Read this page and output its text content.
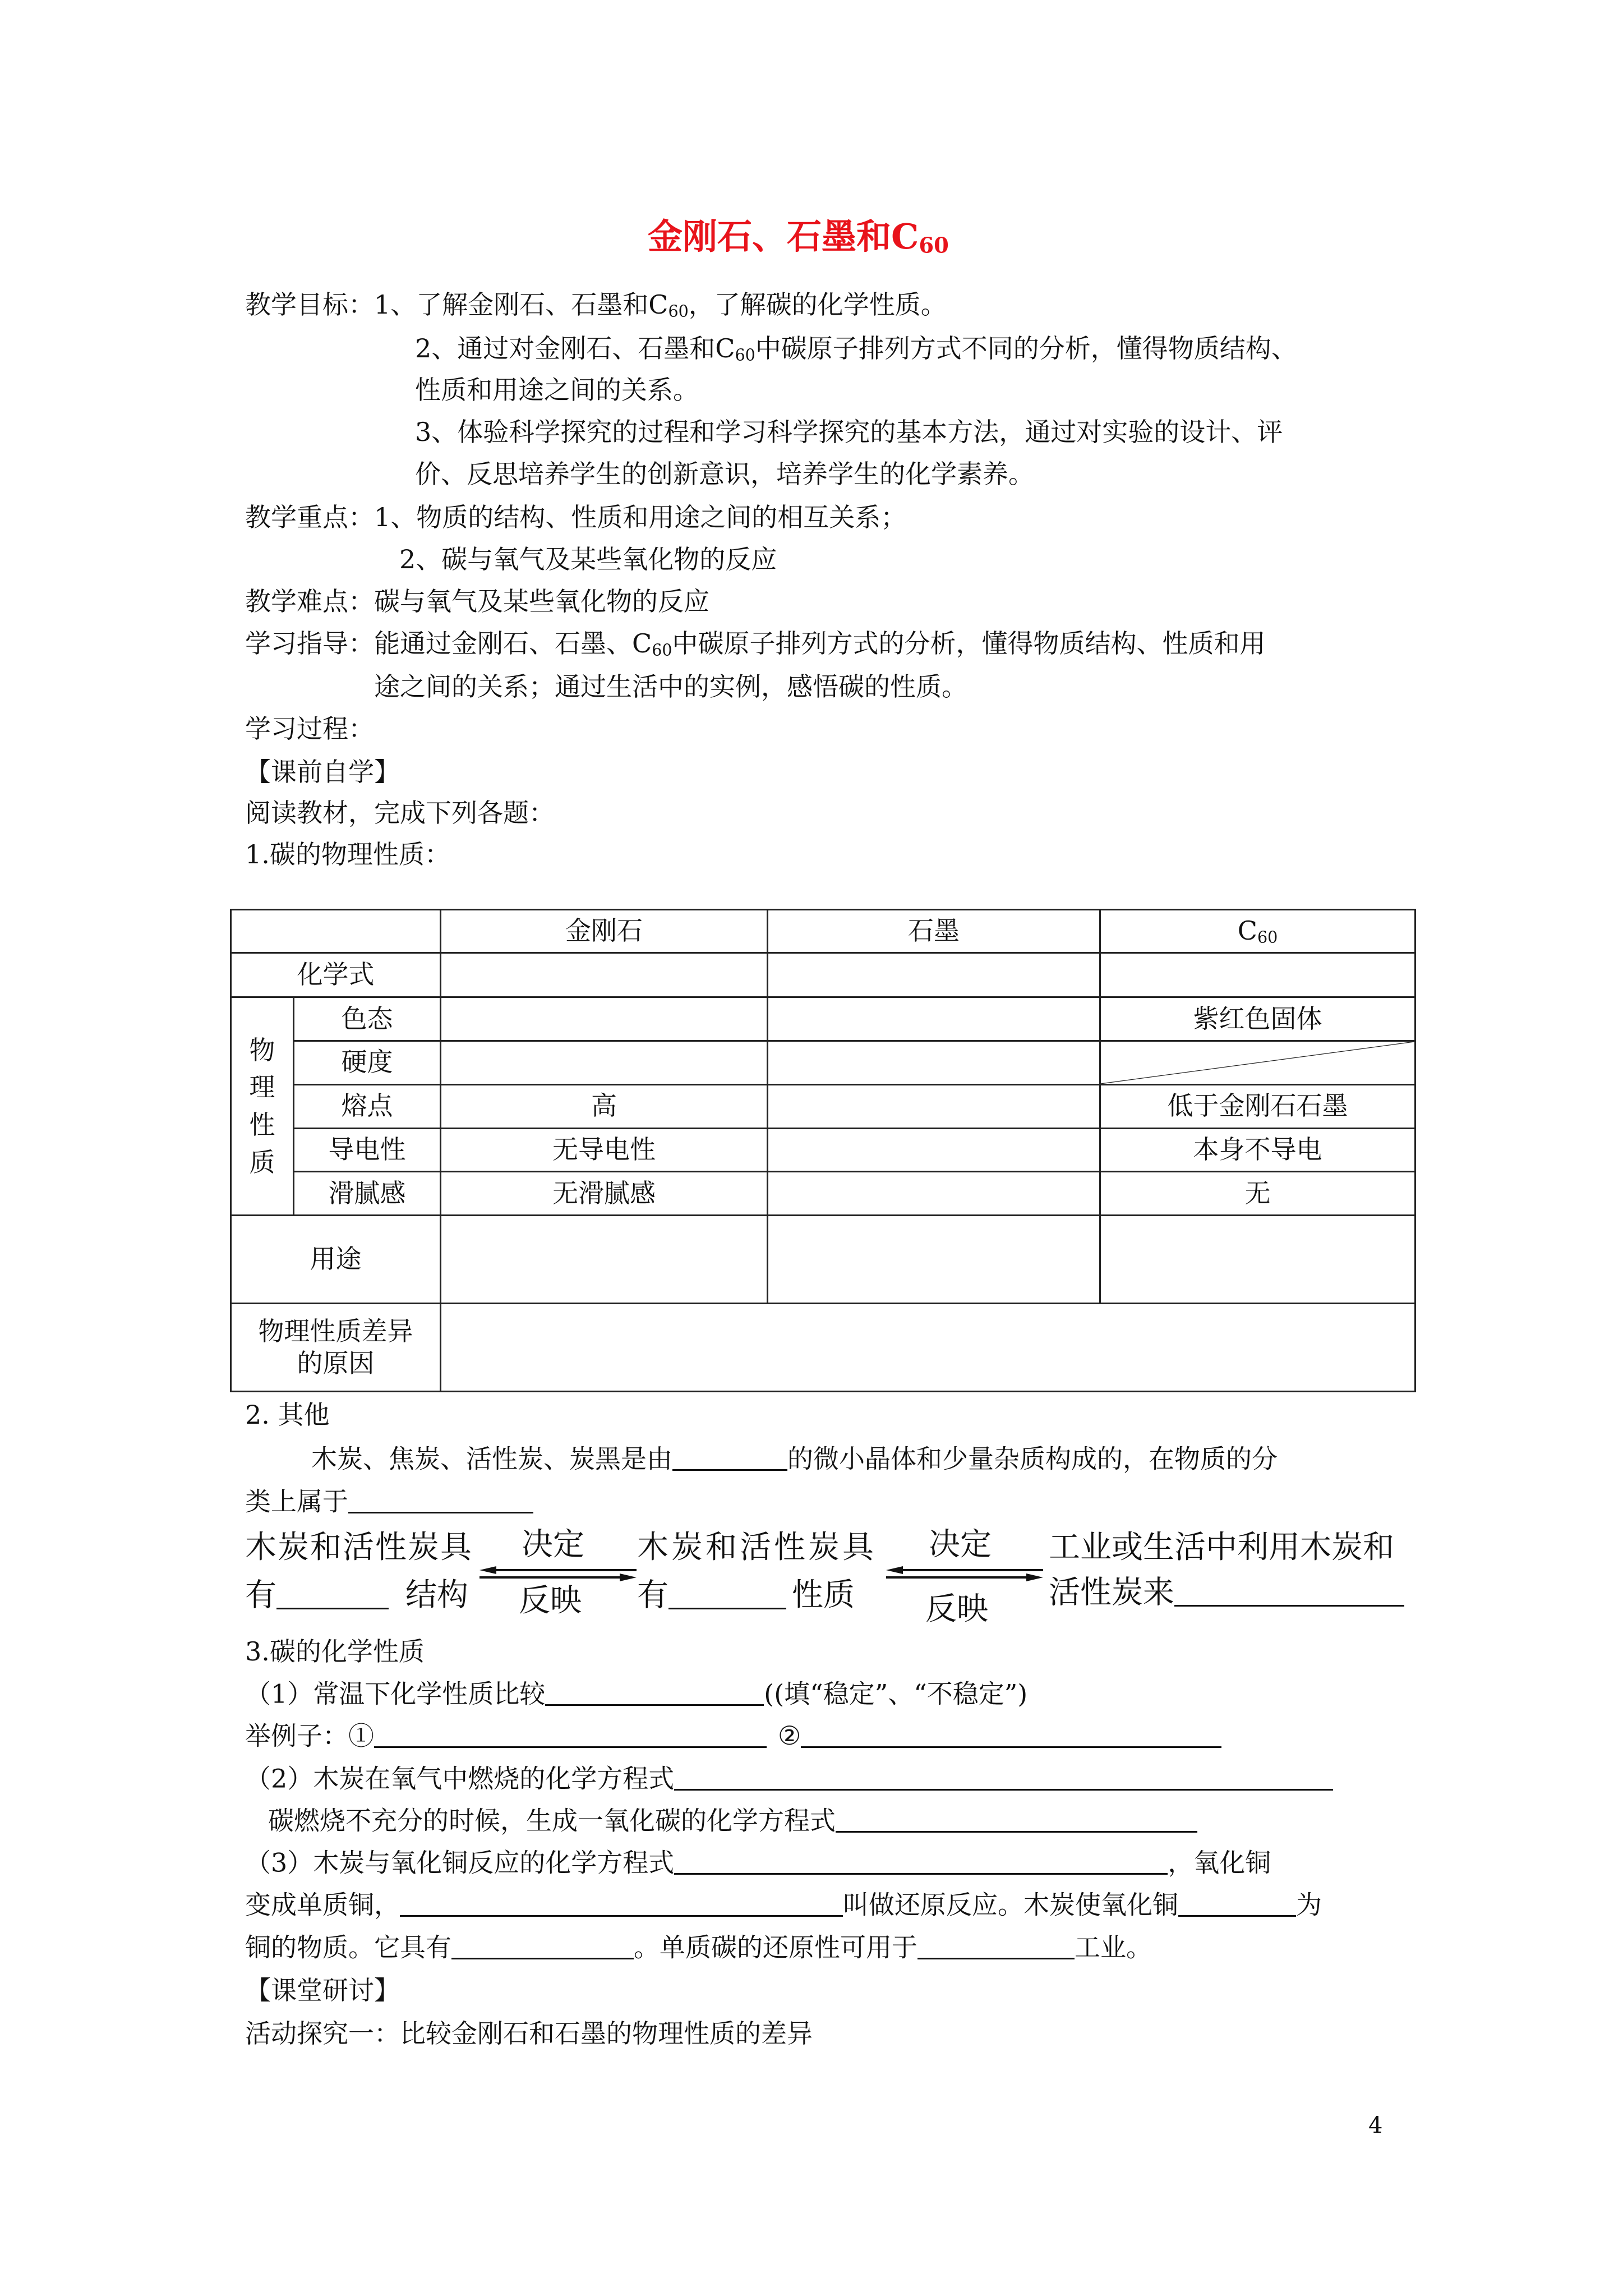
金刚石、石墨和$C_{60}$
教学目标：1、了解金刚石、石墨和$C_{60}$，了解碳的化学性质。
2、通过对金刚石、石墨和$C_{60}$中碳原子排列方式不同的分析，懂得物质结构、
性质和用途之间的关系。
3、体验科学探究的过程和学习科学探究的基本方法，通过对实验的设计、评
价、反思培养学生的创新意识，培养学生的化学素养。
教学重点：1、物质的结构、性质和用途之间的相互关系；
2、碳与氧气及某些氧化物的反应
教学难点：碳与氧气及某些氧化物的反应
学习指导：能通过金刚石、石墨、$C_{60}$中碳原子排列方式的分析，懂得物质结构、性质和用
途之间的关系；通过生活中的实例，感悟碳的性质。
学习过程：
【课前自学】
阅读教材，完成下列各题：
1.碳的物理性质：
		金刚石	石墨	$C_{60}$
化学式				
物
理
性
质	色态			紫红色固体
	硬度			

	熔点	高		低于金刚石石墨
	导电性	无导电性		本身不导电
	滑腻感	无滑腻感		无
用途				
物理性质差异
的原因				
2. 其他
木炭、焦炭、活性炭、炭黑是由	的微小晶体和少量杂质构成的，在物质的分
类上属于
木炭和活性炭具
有	结构
决定
反映
木炭和活性炭具
有	性质
决定
反映
工业或生活中利用木炭和
活性炭来
3.碳的化学性质
（1）常温下化学性质比较	((填“稳定”、“不稳定”)
举例子：①	②
（2）木炭在氧气中燃烧的化学方程式
碳燃烧不充分的时候，生成一氧化碳的化学方程式
（3）木炭与氧化铜反应的化学方程式	，氧化铜
变成单质铜，	叫做还原反应。木炭使氧化铜	为
铜的物质。它具有	。单质碳的还原性可用于	工业。
【课堂研讨】
活动探究一：比较金刚石和石墨的物理性质的差异
4
